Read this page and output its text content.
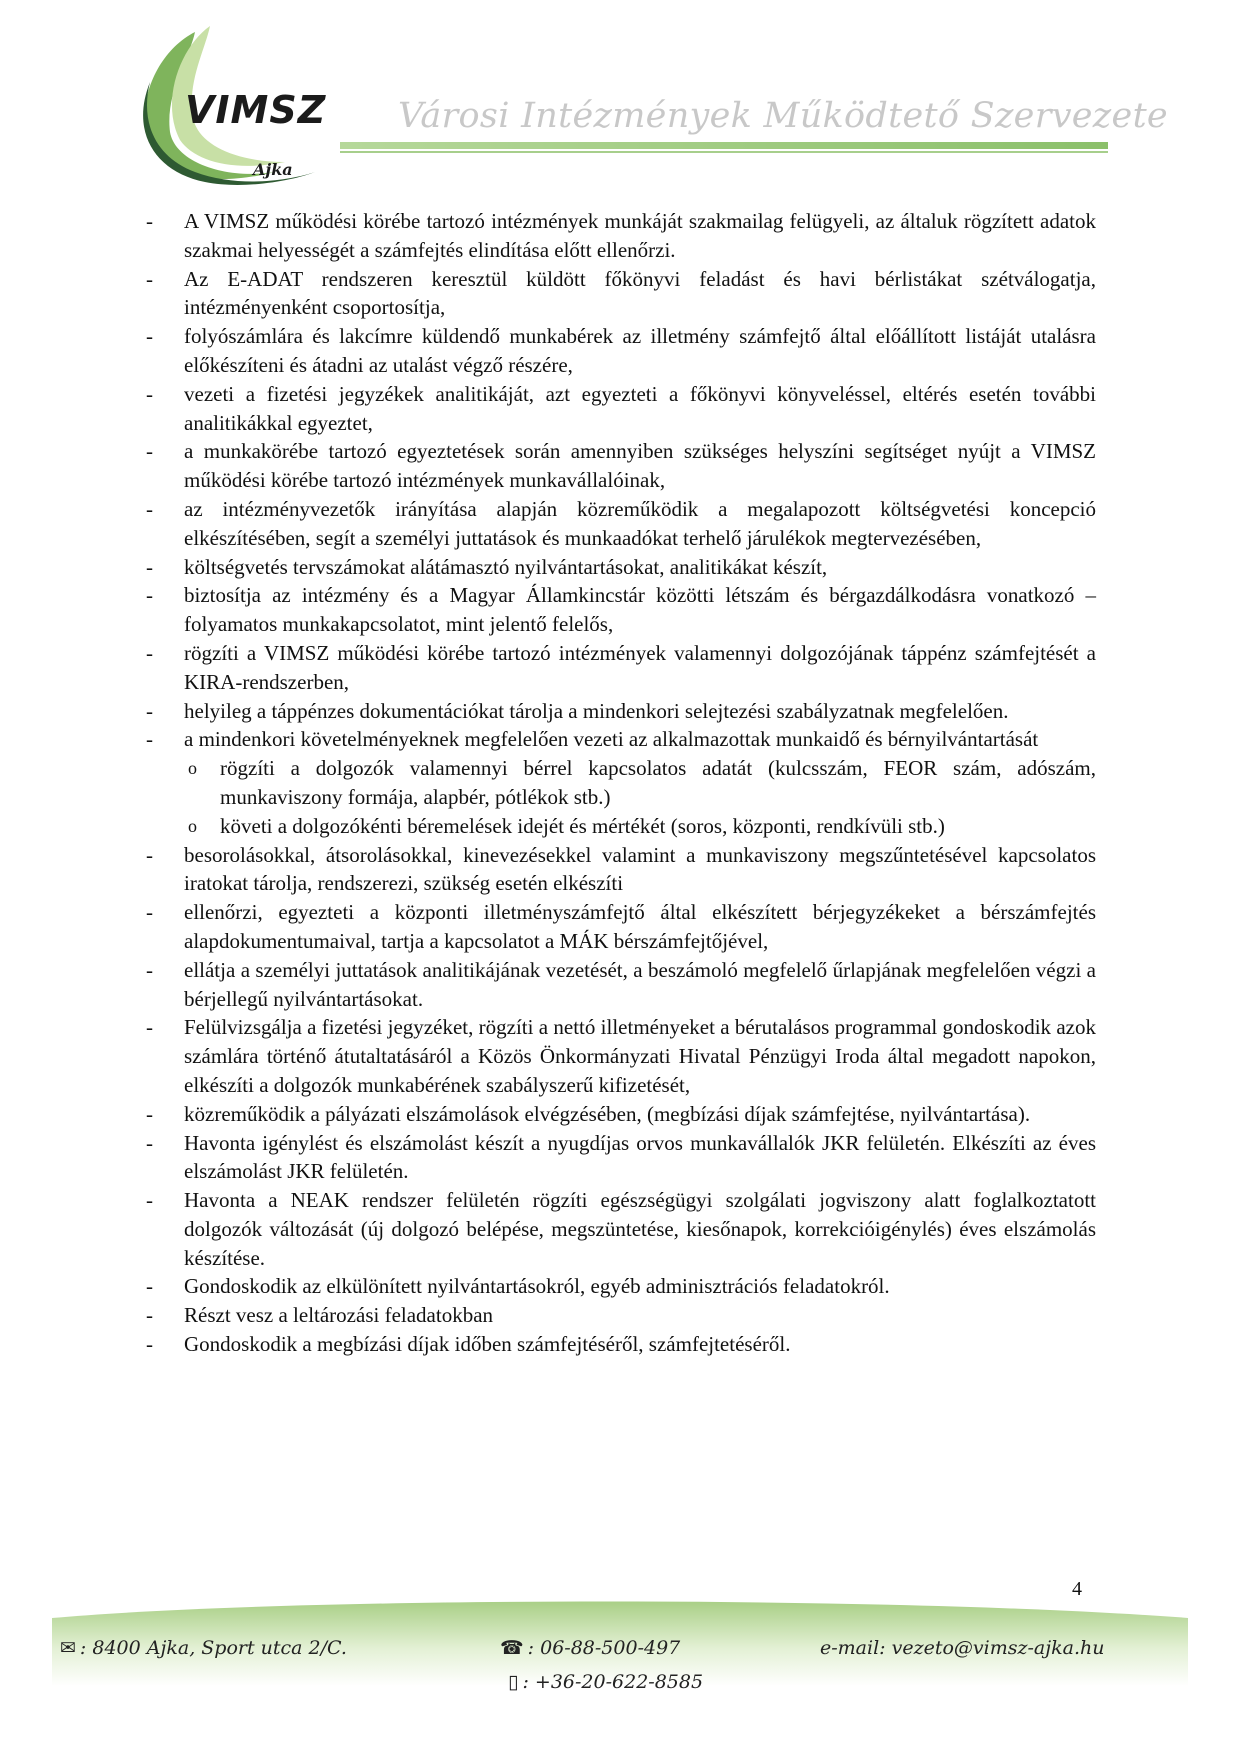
VIMSZ
Ajka
Városi Intézmények Működtető Szervezete
- A VIMSZ működési körébe tartozó intézmények munkáját szakmailag felügyeli, az általuk rögzített adatok szakmai helyességét a számfejtés elindítása előtt ellenőrzi.
- Az E-ADAT rendszeren keresztül küldött főkönyvi feladást és havi bérlistákat szétválogatja, intézményenként csoportosítja,
- folyószámlára és lakcímre küldendő munkabérek az illetmény számfejtő által előállított listáját utalásra előkészíteni és átadni az utalást végző részére,
- vezeti a fizetési jegyzékek analitikáját, azt egyezteti a főkönyvi könyveléssel, eltérés esetén további analitikákkal egyeztet,
- a munkakörébe tartozó egyeztetések során amennyiben szükséges helyszíni segítséget nyújt a VIMSZ működési körébe tartozó intézmények munkavállalóinak,
- az intézményvezetők irányítása alapján közreműködik a megalapozott költségvetési koncepció elkészítésében, segít a személyi juttatások és munkaadókat terhelő járulékok megtervezésében,
- költségvetés tervszámokat alátámasztó nyilvántartásokat, analitikákat készít,
- biztosítja az intézmény és a Magyar Államkincstár közötti létszám és bérgazdálkodásra vonatkozó – folyamatos munkakapcsolatot, mint jelentő felelős,
- rögzíti a VIMSZ működési körébe tartozó intézmények valamennyi dolgozójának táppénz számfejtését a KIRA-rendszerben,
- helyileg a táppénzes dokumentációkat tárolja a mindenkori selejtezési szabályzatnak megfelelően.
- a mindenkori követelményeknek megfelelően vezeti az alkalmazottak munkaidő és bérnyilvántartását
o rögzíti a dolgozók valamennyi bérrel kapcsolatos adatát (kulcsszám, FEOR szám, adószám, munkaviszony formája, alapbér, pótlékok stb.)
o követi a dolgozókénti béremelések idejét és mértékét (soros, központi, rendkívüli stb.)
- besorolásokkal, átsorolásokkal, kinevezésekkel valamint a munkaviszony megszűntetésével kapcsolatos iratokat tárolja, rendszerezi, szükség esetén elkészíti
- ellenőrzi, egyezteti a központi illetményszámfejtő által elkészített bérjegyzékeket a bérszámfejtés alapdokumentumaival, tartja a kapcsolatot a MÁK bérszámfejtőjével,
- ellátja a személyi juttatások analitikájának vezetését, a beszámoló megfelelő űrlapjának megfelelően végzi a bérjellegű nyilvántartásokat.
- Felülvizsgálja a fizetési jegyzéket, rögzíti a nettó illetményeket a bérutalásos programmal gondoskodik azok számlára történő átutaltatásáról a Közös Önkormányzati Hivatal Pénzügyi Iroda által megadott napokon, elkészíti a dolgozók munkabérének szabályszerű kifizetését,
- közreműködik a pályázati elszámolások elvégzésében, (megbízási díjak számfejtése, nyilvántartása).
- Havonta igénylést és elszámolást készít a nyugdíjas orvos munkavállalók JKR felületén. Elkészíti az éves elszámolást JKR felületén.
- Havonta a NEAK rendszer felületén rögzíti egészségügyi szolgálati jogviszony alatt foglalkoztatott dolgozók változását (új dolgozó belépése, megszüntetése, kiesőnapok, korrekcióigénylés) éves elszámolás készítése.
- Gondoskodik az elkülönített nyilvántartásokról, egyéb adminisztrációs feladatokról.
- Részt vesz a leltározási feladatokban
- Gondoskodik a megbízási díjak időben számfejtéséről, számfejtetéséről.
4
✉ : 8400 Ajka, Sport utca 2/C.	☎ : 06-88-500-497	e-mail: vezeto@vimsz-ajka.hu
▯ : +36-20-622-8585
